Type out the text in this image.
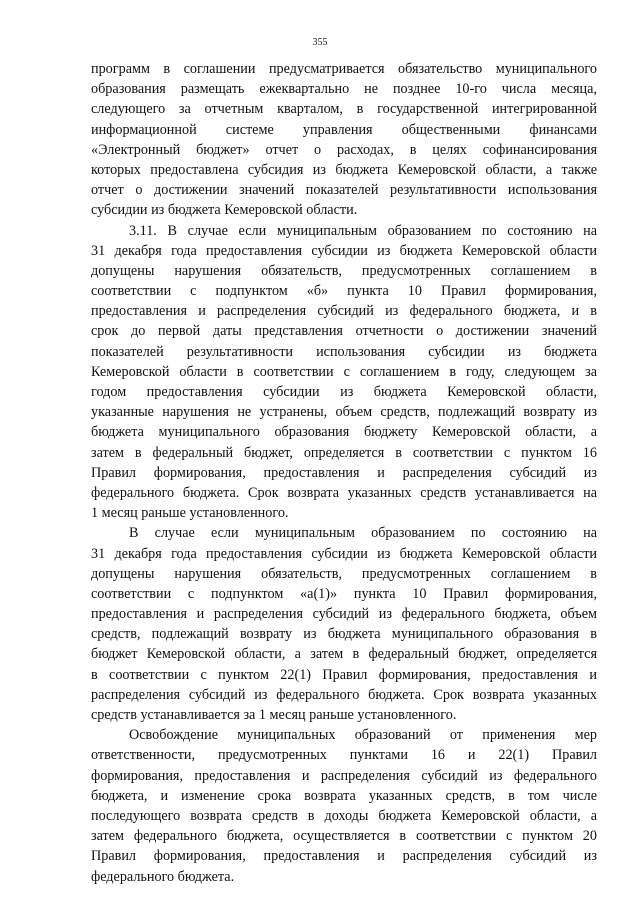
355
программ в соглашении предусматривается обязательство муниципального
образования размещать ежеквартально не позднее 10-го числа месяца,
следующего за отчетным кварталом, в государственной интегрированной
информационной системе управления общественными финансами
«Электронный бюджет» отчет о расходах, в целях софинансирования
которых предоставлена субсидия из бюджета Кемеровской области, а также
отчет о достижении значений показателей результативности использования
субсидии из бюджета Кемеровской области.
3.11. В случае если муниципальным образованием по состоянию на
31 декабря года предоставления субсидии из бюджета Кемеровской области
допущены нарушения обязательств, предусмотренных соглашением в
соответствии с подпунктом «б» пункта 10 Правил формирования,
предоставления и распределения субсидий из федерального бюджета, и в
срок до первой даты представления отчетности о достижении значений
показателей результативности использования субсидии из бюджета
Кемеровской области в соответствии с соглашением в году, следующем за
годом предоставления субсидии из бюджета Кемеровской области,
указанные нарушения не устранены, объем средств, подлежащий возврату из
бюджета муниципального образования бюджету Кемеровской области, а
затем в федеральный бюджет, определяется в соответствии с пунктом 16
Правил формирования, предоставления и распределения субсидий из
федерального бюджета. Срок возврата указанных средств устанавливается на
1 месяц раньше установленного.
В случае если муниципальным образованием по состоянию на
31 декабря года предоставления субсидии из бюджета Кемеровской области
допущены нарушения обязательств, предусмотренных соглашением в
соответствии с подпунктом «а(1)» пункта 10 Правил формирования,
предоставления и распределения субсидий из федерального бюджета, объем
средств, подлежащий возврату из бюджета муниципального образования в
бюджет Кемеровской области, а затем в федеральный бюджет, определяется
в соответствии с пунктом 22(1) Правил формирования, предоставления и
распределения субсидий из федерального бюджета. Срок возврата указанных
средств устанавливается за 1 месяц раньше установленного.
Освобождение муниципальных образований от применения мер
ответственности, предусмотренных пунктами 16 и 22(1) Правил
формирования, предоставления и распределения субсидий из федерального
бюджета, и изменение срока возврата указанных средств, в том числе
последующего возврата средств в доходы бюджета Кемеровской области, а
затем федерального бюджета, осуществляется в соответствии с пунктом 20
Правил формирования, предоставления и распределения субсидий из
федерального бюджета.
